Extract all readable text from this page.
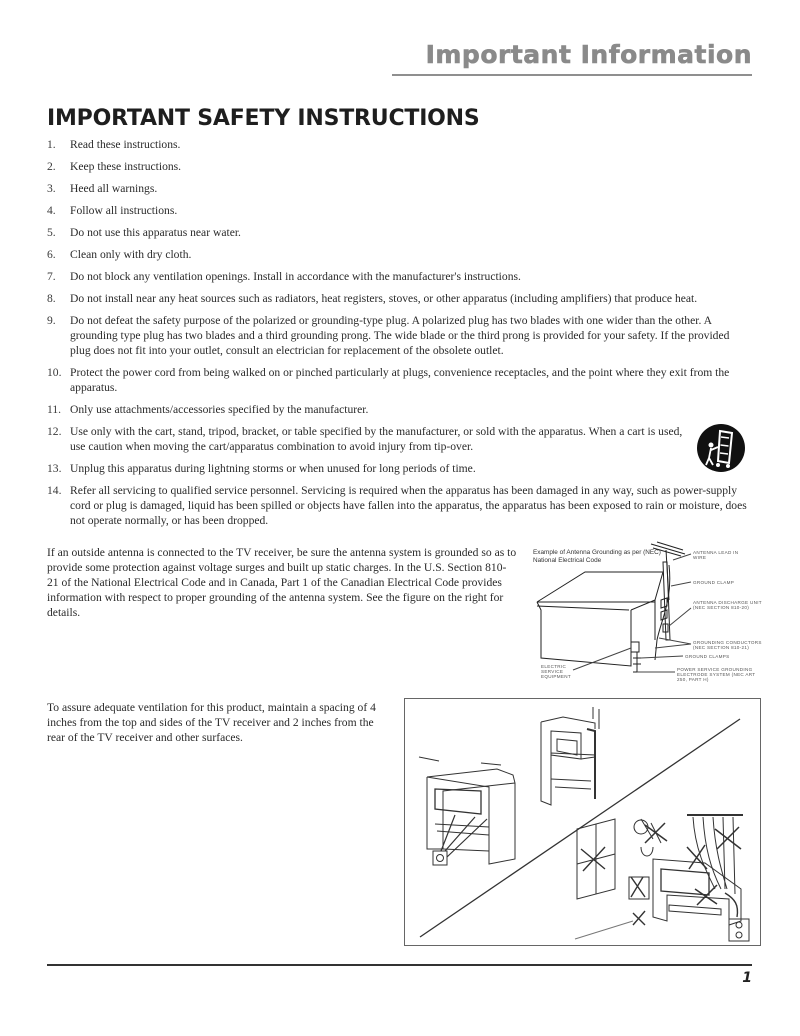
Important Information
IMPORTANT SAFETY INSTRUCTIONS
1.	Read these instructions.
2.	Keep these instructions.
3.	Heed all warnings.
4.	Follow all instructions.
5.	Do not use this apparatus near water.
6.	Clean only with dry cloth.
7.	Do not block any ventilation openings. Install in accordance with the manufacturer's instructions.
8.	Do not install near any heat sources such as radiators, heat registers, stoves, or other apparatus (including amplifiers) that produce heat.
9.	Do not defeat the safety purpose of the polarized or grounding-type plug. A polarized plug has two blades with one wider than the other. A grounding type plug has two blades and a third grounding prong. The wide blade or the third prong is provided for your safety. If the provided plug does not fit into your outlet, consult an electrician for replacement of the obsolete outlet.
10. Protect the power cord from being walked on or pinched particularly at plugs, convenience receptacles, and the point where they exit from the apparatus.
11. Only use attachments/accessories specified by the manufacturer.
12. Use only with the cart, stand, tripod, bracket, or table specified by the manufacturer, or sold with the apparatus. When a cart is used, use caution when moving the cart/apparatus combination to avoid injury from tip-over.
13. Unplug this apparatus during lightning storms or when unused for long periods of time.
14. Refer all servicing to qualified service personnel. Servicing is required when the apparatus has been damaged in any way, such as power-supply cord or plug is damaged, liquid has been spilled or objects have fallen into the apparatus, the apparatus has been exposed to rain or moisture, does not operate normally, or has been dropped.

If an outside antenna is connected to the TV receiver, be sure the antenna system is grounded so as to provide some protection against voltage surges and built up static charges. In the U.S. Section 810-21 of the National Electrical Code and in Canada, Part 1 of the Canadian Electrical Code provides information with respect to proper grounding of the antenna system. See the figure on the right for details.

Example of Antenna Grounding as per (NEC) National Electrical Code
ANTENNA LEAD IN WIRE
GROUND CLAMP
ANTENNA DISCHARGE UNIT (NEC SECTION 810-20)
GROUNDING CONDUCTORS (NEC SECTION 810-21)
GROUND CLAMPS
ELECTRIC SERVICE EQUIPMENT
POWER SERVICE GROUNDING ELECTRODE SYSTEM (NEC ART 250, PART H)

To assure adequate ventilation for this product, maintain a spacing of 4 inches from the top and sides of the TV receiver and 2 inches from the rear of the TV receiver and other surfaces.

1
